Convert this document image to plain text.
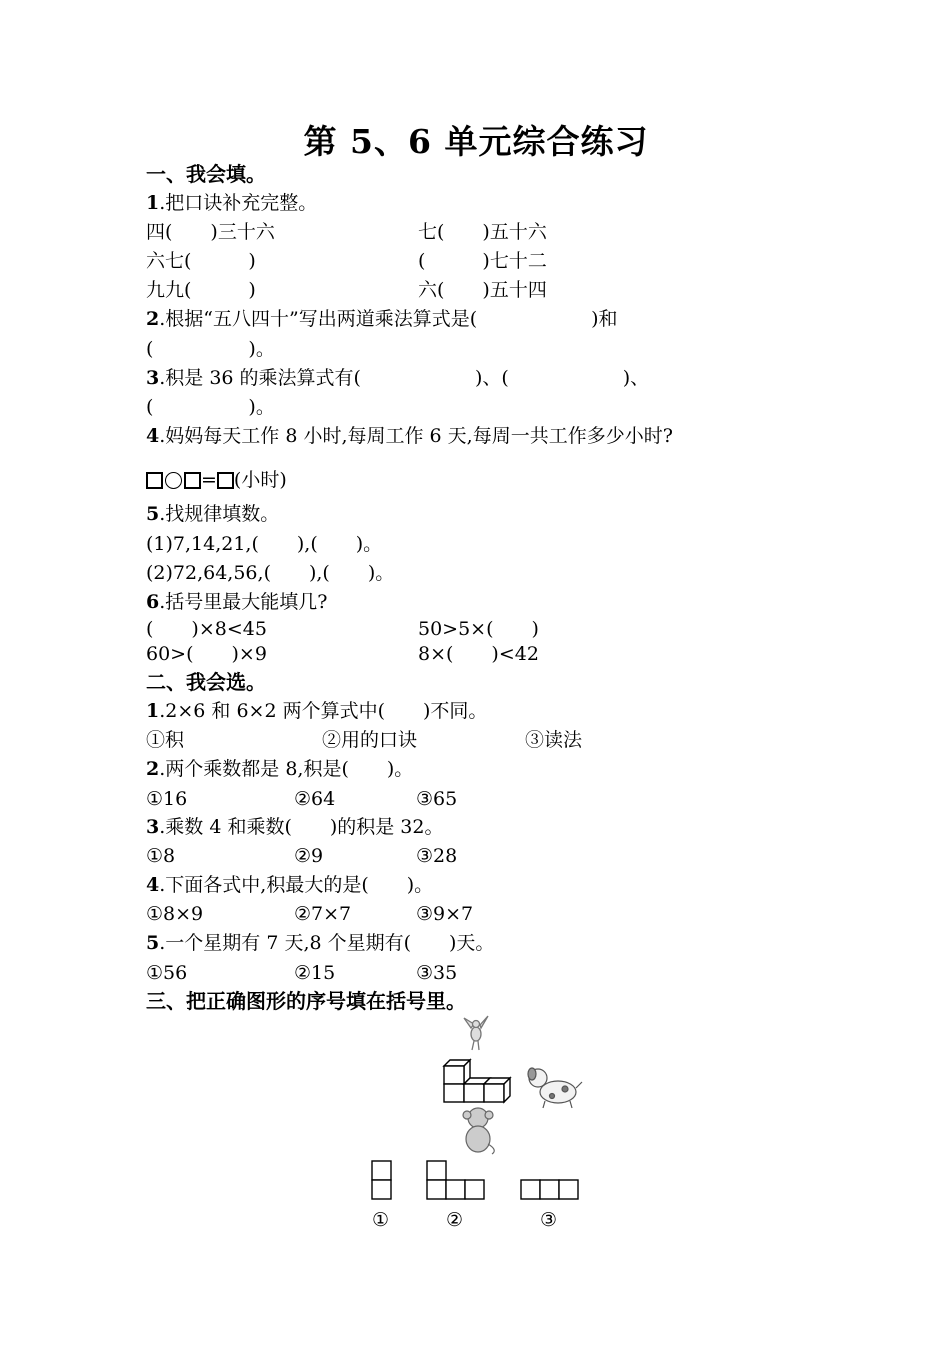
第 5、6 单元综合练习
一、我会填。
1.把口诀补充完整。
四(　　)三十六	七(　　)五十六
六七(　　　)	(　　　)七十二
九九(　　　)	六(　　)五十四
2.根据“五八四十”写出两道乘法算式是(　　　　　　)和
(　　　　　)。
3.积是 36 的乘法算式有(　　　　　　)、(　　　　　　)、
(　　　　　)。
4.妈妈每天工作 8 小时,每周工作 6 天,每周一共工作多少小时?
= (小时)
5.找规律填数。
(1)7,14,21,(　　),(　　)。
(2)72,64,56,(　　),(　　)。
6.括号里最大能填几?
(　　)×8<45	50>5×(　　)
60>(　　)×9	8×(　　)<42
二、我会选。
1.2×6 和 6×2 两个算式中(　　)不同。
①积	②用的口诀	③读法
2.两个乘数都是 8,积是(　　)。
①16	②64	③65
3.乘数 4 和乘数(　　)的积是 32。
①8	②9	③28
4.下面各式中,积最大的是(　　)。
①8×9	②7×7	③9×7
5.一个星期有 7 天,8 个星期有(　　)天。
①56	②15	③35
三、把正确图形的序号填在括号里。
①	②	③
